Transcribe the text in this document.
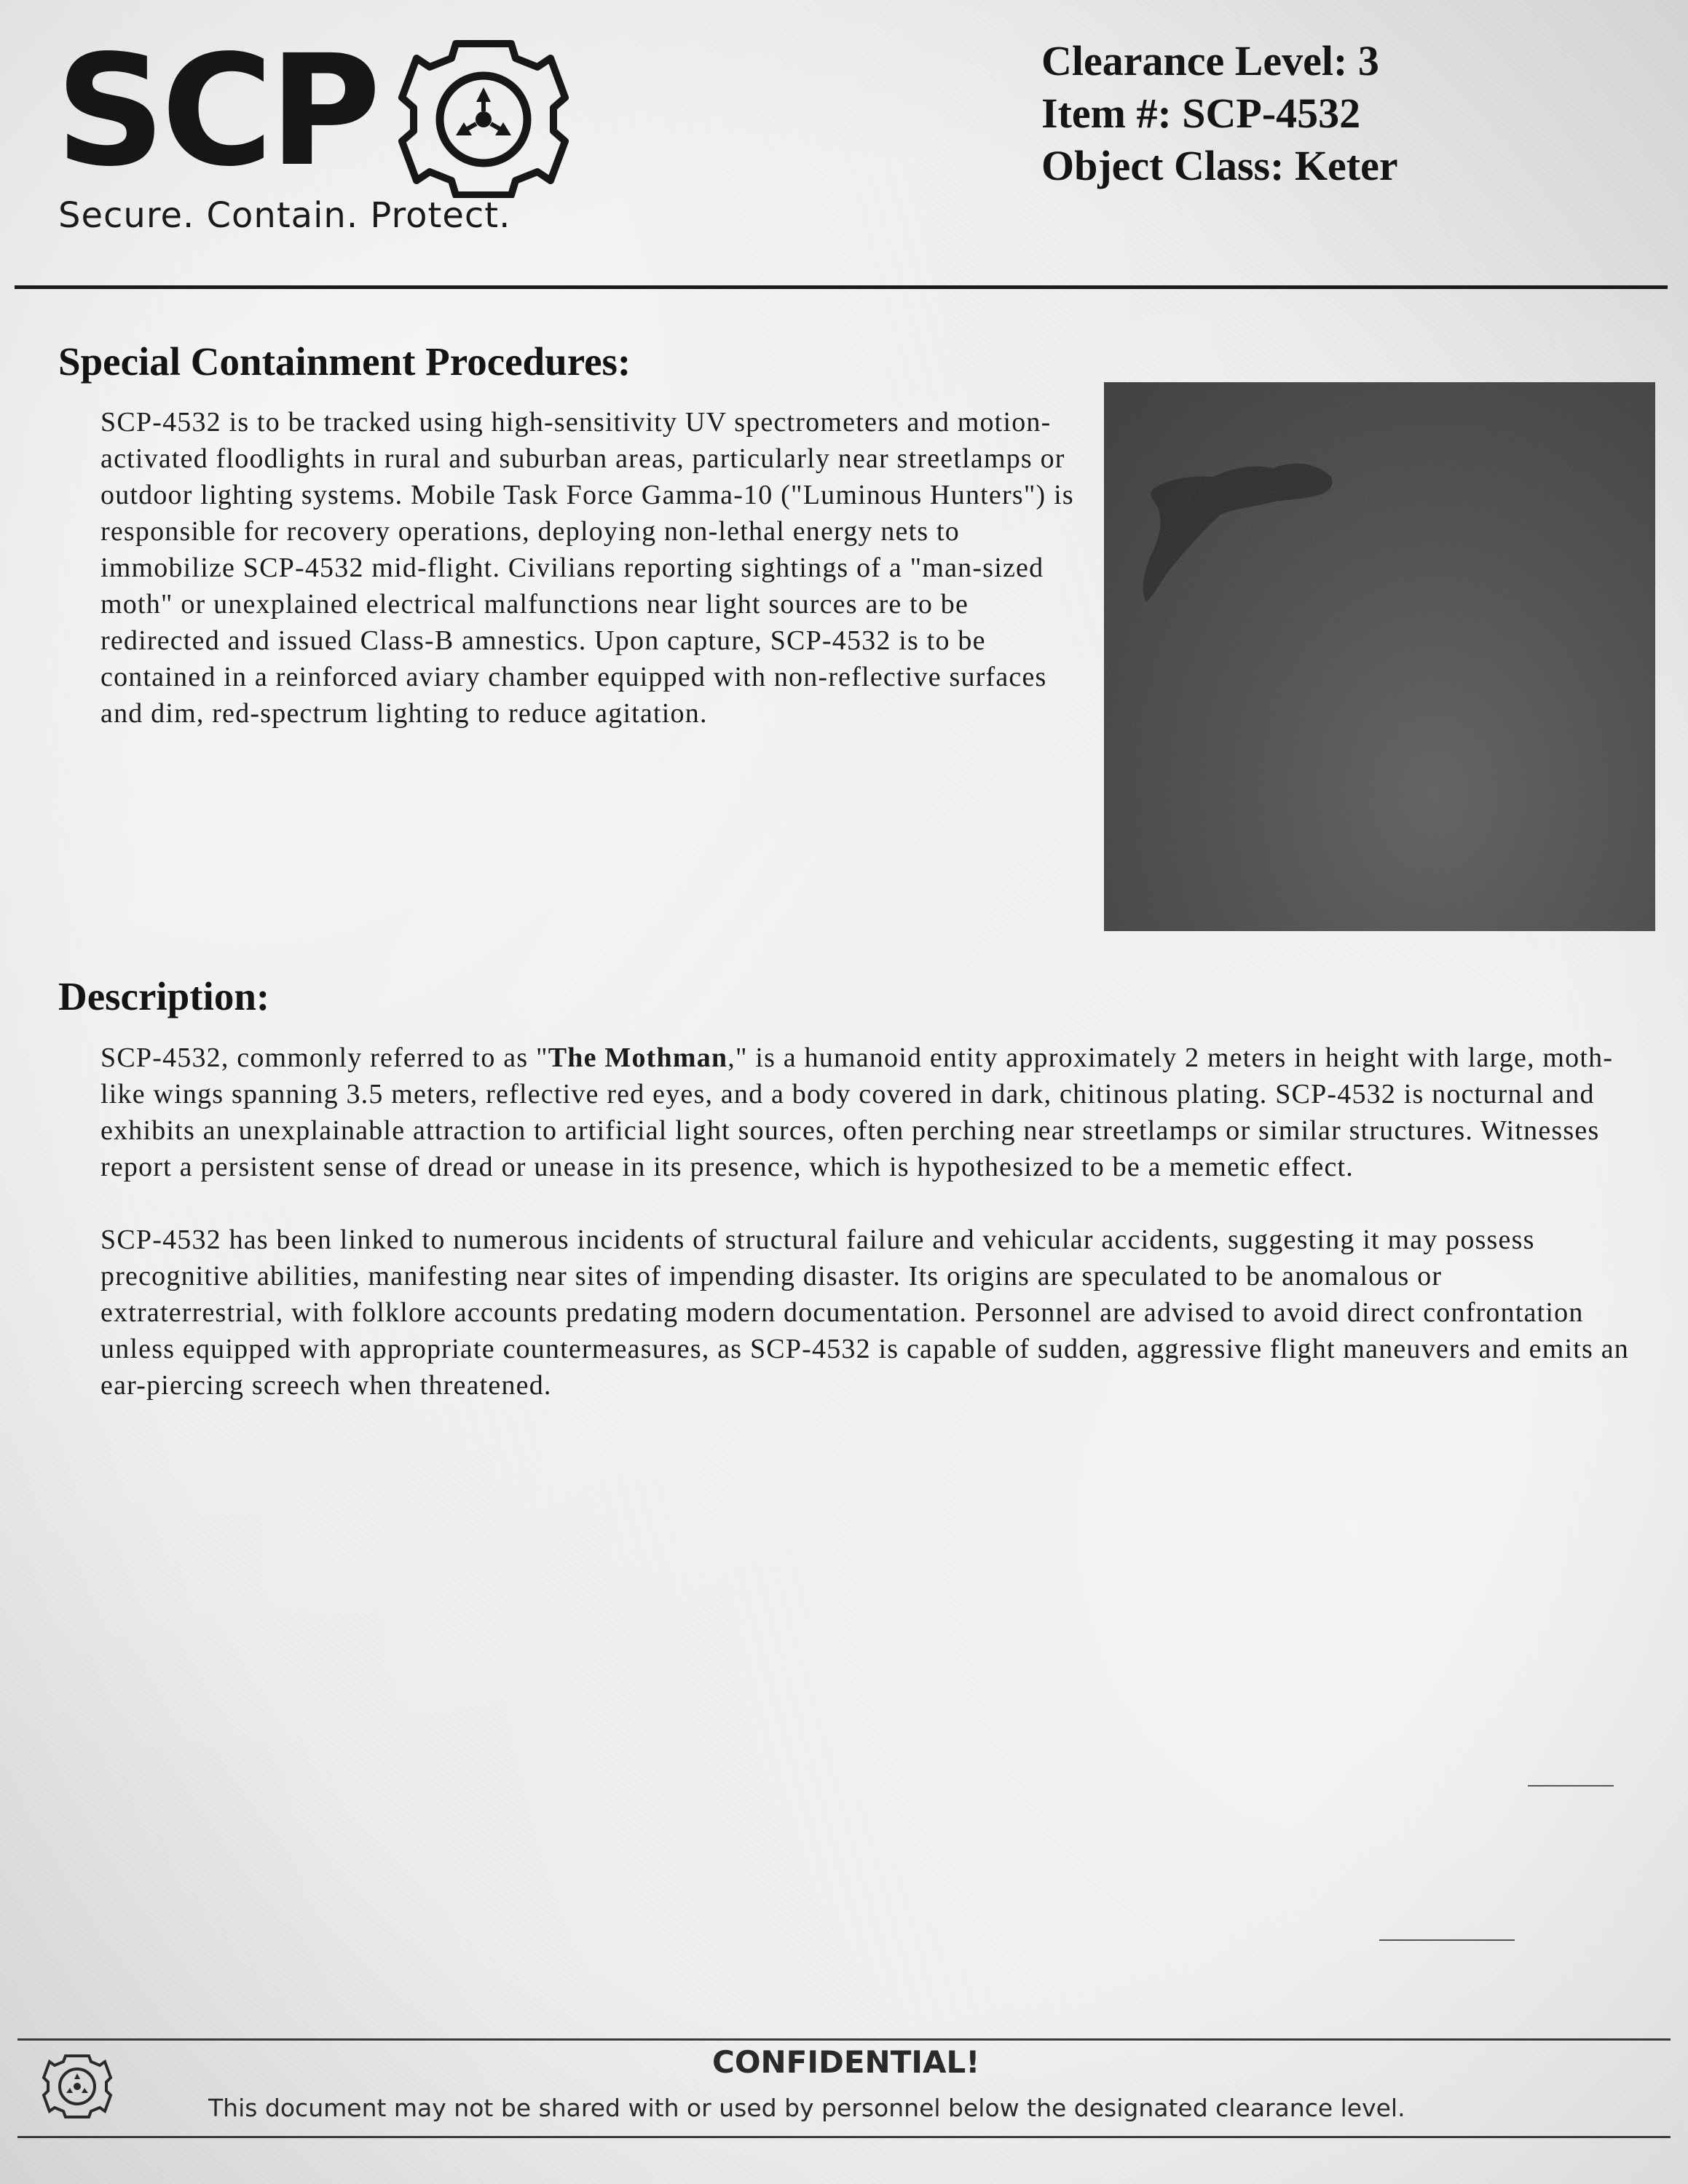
SCP
Secure. Contain. Protect.
Clearance Level: 3
Item #: SCP-4532
Object Class: Keter
Special Containment Procedures:
SCP-4532 is to be tracked using high-sensitivity UV spectrometers and motion-activated floodlights in rural and suburban areas, particularly near streetlamps or outdoor lighting systems. Mobile Task Force Gamma-10 ("Luminous Hunters") is responsible for recovery operations, deploying non-lethal energy nets to immobilize SCP-4532 mid-flight. Civilians reporting sightings of a "man-sized moth" or unexplained electrical malfunctions near light sources are to be redirected and issued Class-B amnestics. Upon capture, SCP-4532 is to be contained in a reinforced aviary chamber equipped with non-reflective surfaces and dim, red-spectrum lighting to reduce agitation.
Description:

SCP-4532, commonly referred to as "The Mothman," is a humanoid entity approximately 2 meters in height with large, moth-like wings spanning 3.5 meters, reflective red eyes, and a body covered in dark, chitinous plating. SCP-4532 is nocturnal and exhibits an unexplainable attraction to artificial light sources, often perching near streetlamps or similar structures. Witnesses report a persistent sense of dread or unease in its presence, which is hypothesized to be a memetic effect.

SCP-4532 has been linked to numerous incidents of structural failure and vehicular accidents, suggesting it may possess precognitive abilities, manifesting near sites of impending disaster. Its origins are speculated to be anomalous or extraterrestrial, with folklore accounts predating modern documentation. Personnel are advised to avoid direct confrontation unless equipped with appropriate countermeasures, as SCP-4532 is capable of sudden, aggressive flight maneuvers and emits an ear-piercing screech when threatened.

CONFIDENTIAL!
This document may not be shared with or used by personnel below the designated clearance level.
